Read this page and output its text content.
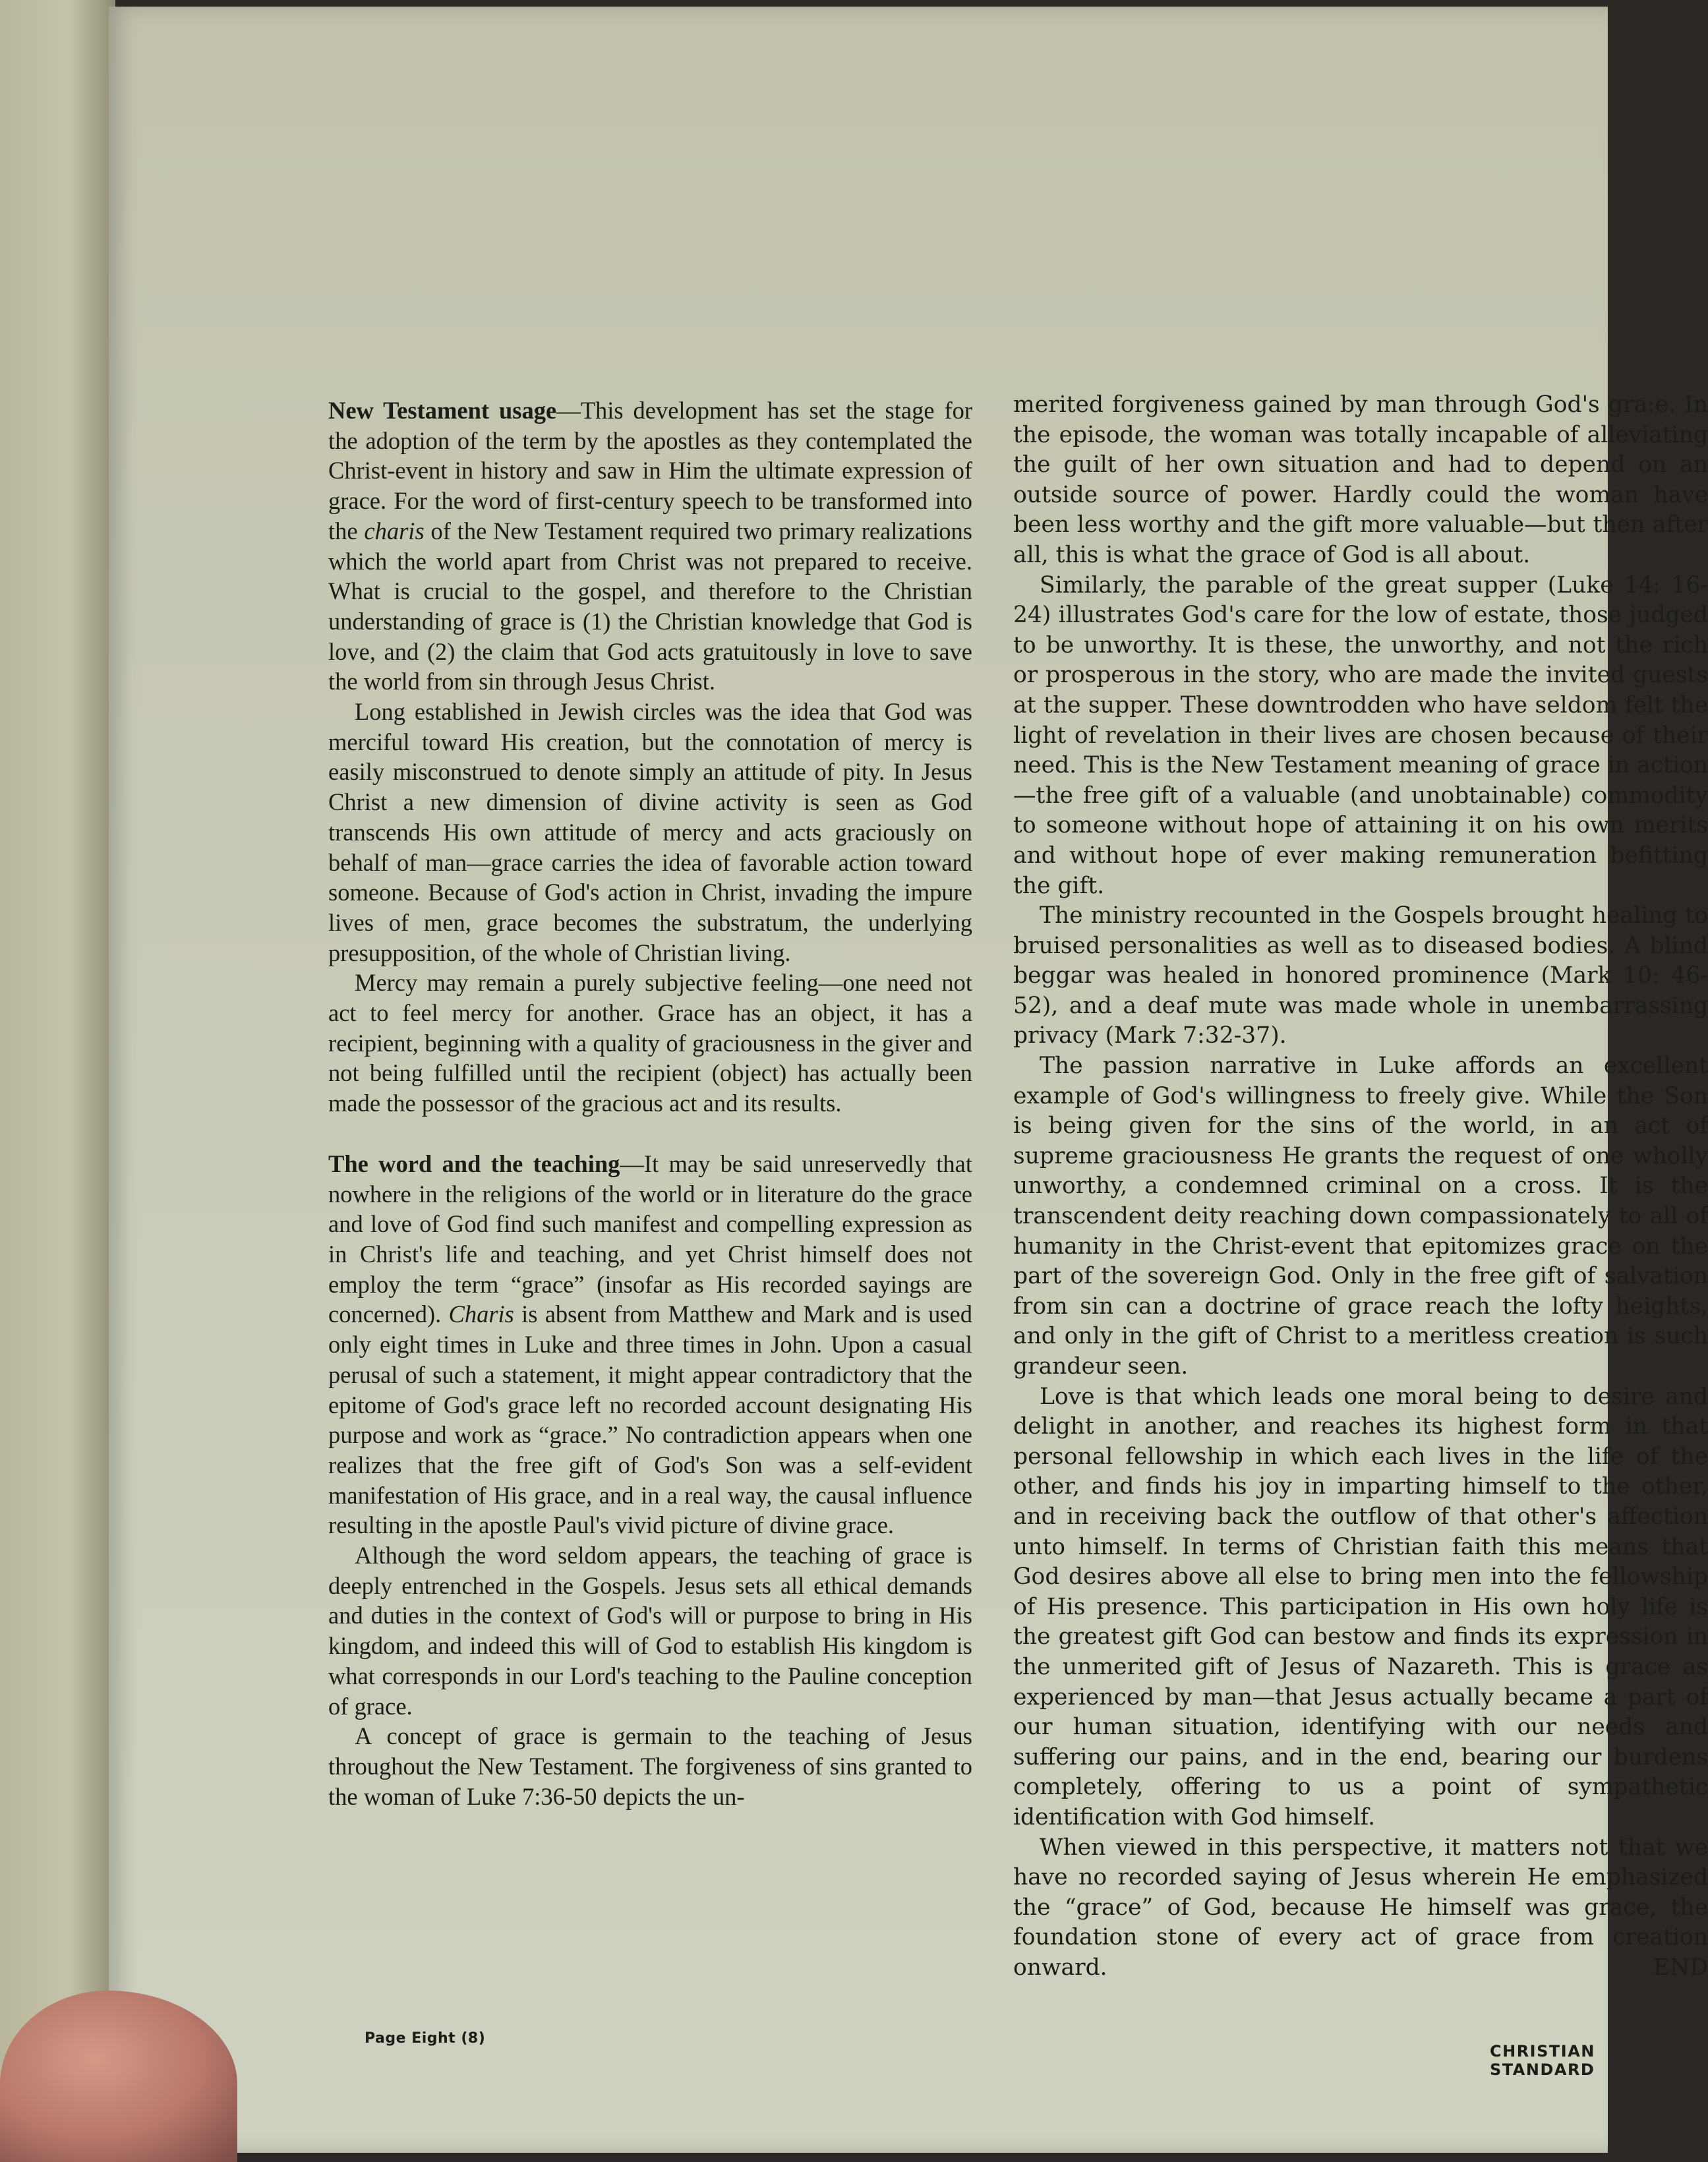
New Testament usage—This development has set the stage for the adoption of the term by the apostles as they contemplated the Christ-event in history and saw in Him the ultimate expression of grace. For the word of first-century speech to be transformed into the charis of the New Testament required two primary realizations which the world apart from Christ was not prepared to receive. What is crucial to the gospel, and therefore to the Christian understanding of grace is (1) the Christian knowledge that God is love, and (2) the claim that God acts gratuitously in love to save the world from sin through Jesus Christ.

Long established in Jewish circles was the idea that God was merciful toward His creation, but the connotation of mercy is easily misconstrued to denote simply an attitude of pity. In Jesus Christ a new dimension of divine activity is seen as God transcends His own attitude of mercy and acts graciously on behalf of man—grace carries the idea of favorable action toward someone. Because of God's action in Christ, invading the impure lives of men, grace becomes the substratum, the underlying presupposition, of the whole of Christian living.

Mercy may remain a purely subjective feeling—one need not act to feel mercy for another. Grace has an object, it has a recipient, beginning with a quality of graciousness in the giver and not being fulfilled until the recipient (object) has actually been made the possessor of the gracious act and its results.

The word and the teaching—It may be said unreservedly that nowhere in the religions of the world or in literature do the grace and love of God find such manifest and compelling expression as in Christ's life and teaching, and yet Christ himself does not employ the term “grace” (insofar as His recorded sayings are concerned). Charis is absent from Matthew and Mark and is used only eight times in Luke and three times in John. Upon a casual perusal of such a statement, it might appear contradictory that the epitome of God's grace left no recorded account designating His purpose and work as “grace.” No contradiction appears when one realizes that the free gift of God's Son was a self-evident manifestation of His grace, and in a real way, the causal influence resulting in the apostle Paul's vivid picture of divine grace.

Although the word seldom appears, the teaching of grace is deeply entrenched in the Gospels. Jesus sets all ethical demands and duties in the context of God's will or purpose to bring in His kingdom, and indeed this will of God to establish His kingdom is what corresponds in our Lord's teaching to the Pauline conception of grace.

A concept of grace is germain to the teaching of Jesus throughout the New Testament. The forgiveness of sins granted to the woman of Luke 7:36-50 depicts the un-

merited forgiveness gained by man through God's gra:e. In the episode, the woman was totally incapable of alleviating the guilt of her own situation and had to depend on an outside source of power. Hardly could the woman have been less worthy and the gift more valuable—but then after all, this is what the grace of God is all about.

Similarly, the parable of the great supper (Luke 14: 16-24) illustrates God's care for the low of estate, those judged to be unworthy. It is these, the unworthy, and not the rich or prosperous in the story, who are made the invited guests at the supper. These downtrodden who have seldom felt the light of revelation in their lives are chosen because of their need. This is the New Testament meaning of grace in action—the free gift of a valuable (and unobtainable) commodity to someone without hope of attaining it on his own merits and without hope of ever making remuneration befitting the gift.

The ministry recounted in the Gospels brought healing to bruised personalities as well as to diseased bodies. A blind beggar was healed in honored prominence (Mark 10: 46-52), and a deaf mute was made whole in unembarrassing privacy (Mark 7:32-37).

The passion narrative in Luke affords an excellent example of God's willingness to freely give. While the Son is being given for the sins of the world, in an act of supreme graciousness He grants the request of one wholly unworthy, a condemned criminal on a cross. It is the transcendent deity reaching down compassionately to all of humanity in the Christ-event that epitomizes grace on the part of the sovereign God. Only in the free gift of salvation from sin can a doctrine of grace reach the lofty heights, and only in the gift of Christ to a meritless creation is such grandeur seen.

Love is that which leads one moral being to desire and delight in another, and reaches its highest form in that personal fellowship in which each lives in the life of the other, and finds his joy in imparting himself to the other, and in receiving back the outflow of that other's affection unto himself. In terms of Christian faith this means that God desires above all else to bring men into the fellowship of His presence. This participation in His own holy life is the greatest gift God can bestow and finds its expression in the unmerited gift of Jesus of Nazareth. This is grace as experienced by man—that Jesus actually became a part of our human situation, identifying with our needs and suffering our pains, and in the end, bearing our burdens completely, offering to us a point of sympathetic identification with God himself.

When viewed in this perspective, it matters not that we have no recorded saying of Jesus wherein He emphasized the “grace” of God, because He himself was grace, the foundation stone of every act of grace from creation onward.	END

Page Eight (8)
CHRISTIAN STANDARD
